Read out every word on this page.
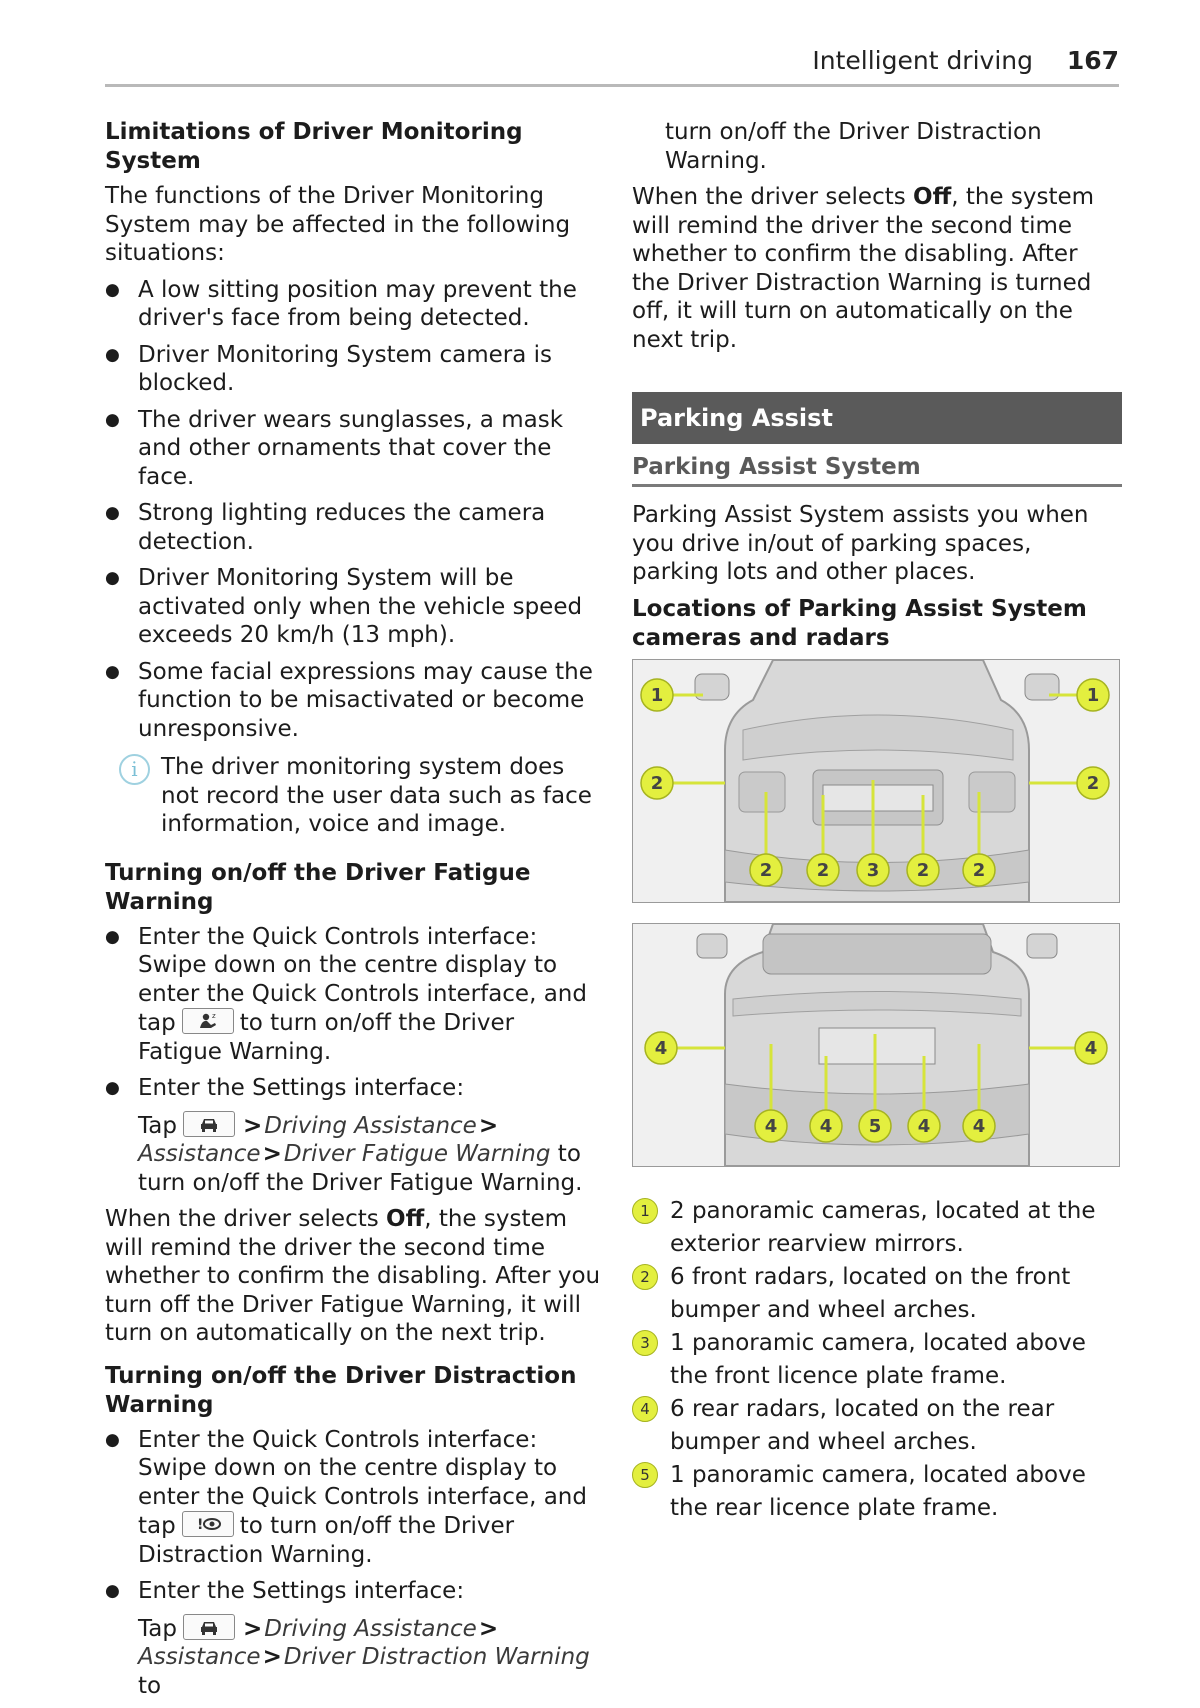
Intelligent driving 167
Limitations of Driver Monitoring System

The functions of the Driver Monitoring System may be affected in the following situations:

● A low sitting position may prevent the driver's face from being detected.
● Driver Monitoring System camera is blocked.
● The driver wears sunglasses, a mask and other ornaments that cover the face.
● Strong lighting reduces the camera detection.
● Driver Monitoring System will be activated only when the vehicle speed exceeds 20 km/h (13 mph).
● Some facial expressions may cause the function to be misactivated or become unresponsive.
i	The driver monitoring system does not record the user data such as face information, voice and image.
Turning on/off the Driver Fatigue Warning
● Enter the Quick Controls interface: Swipe down on the centre display to enter the Quick Controls interface, and tap	z to turn on/off the Driver Fatigue Warning.
● Enter the Settings interface:
Tap	>Driving Assistance>Assistance>Driver Fatigue Warning to turn on/off the Driver Fatigue Warning.

When the driver selects Off, the system will remind the driver the second time whether to confirm the disabling. After you turn off the Driver Fatigue Warning, it will turn on automatically on the next trip.

Turning on/off the Driver Distraction Warning
● Enter the Quick Controls interface: Swipe down on the centre display to enter the Quick Controls interface, and tap ! to turn on/off the Driver Distraction Warning.
● Enter the Settings interface:
Tap	>Driving Assistance>Assistance>Driver Distraction Warning to

turn on/off the Driver Distraction Warning.

When the driver selects Off, the system will remind the driver the second time whether to confirm the disabling. After the Driver Distraction Warning is turned off, it will turn on automatically on the next trip.

Parking Assist
Parking Assist System

Parking Assist System assists you when you drive in/out of parking spaces, parking lots and other places.

Locations of Parking Assist System cameras and radars
1	1
2	2
2 2 3 2 2
4	4
4 4 5 4 4
1 2 panoramic cameras, located at the exterior rearview mirrors.
2 6 front radars, located on the front bumper and wheel arches.
3 1 panoramic camera, located above the front licence plate frame.
4 6 rear radars, located on the rear bumper and wheel arches.
5 1 panoramic camera, located above the rear licence plate frame.
